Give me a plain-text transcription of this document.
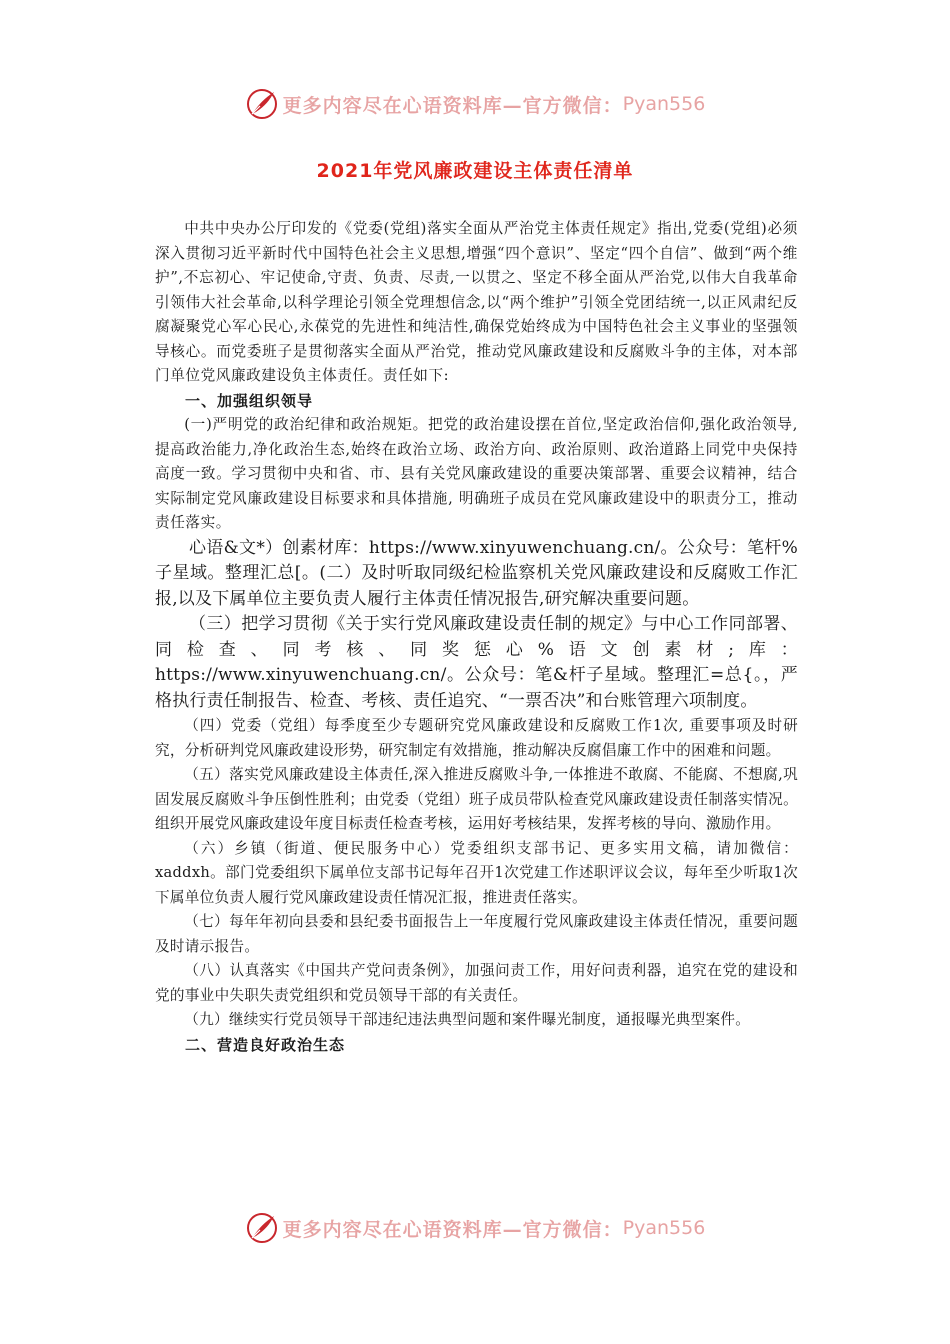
更多内容尽在心语资料库—官方微信： Pyan556
2021年党风廉政建设主体责任清单

中共中央办公厅印发的《党委(党组)落实全面从严治党主体责任规定》指出,党委(党组)必须深入贯彻习近平新时代中国特色社会主义思想,增强“四个意识”、坚定“四个自信”、做到“两个维护”,不忘初心、牢记使命,守责、负责、尽责,一以贯之、坚定不移全面从严治党,以伟大自我革命引领伟大社会革命,以科学理论引领全党理想信念,以“两个维护”引领全党团结统一,以正风肃纪反腐凝聚党心军心民心,永葆党的先进性和纯洁性,确保党始终成为中国特色社会主义事业的坚强领导核心。而党委班子是贯彻落实全面从严治党，推动党风廉政建设和反腐败斗争的主体，对本部门单位党风廉政建设负主体责任。责任如下:

一、加强组织领导

(一)严明党的政治纪律和政治规矩。把党的政治建设摆在首位,坚定政治信仰,强化政治领导,提高政治能力,净化政治生态,始终在政治立场、政治方向、政治原则、政治道路上同党中央保持高度一致。学习贯彻中央和省、市、县有关党风廉政建设的重要决策部署、重要会议精神，结合实际制定党风廉政建设目标要求和具体措施, 明确班子成员在党风廉政建设中的职责分工，推动责任落实。

心语&文*）创素材库：https://www.xinyuwenchuang.cn/。公众号：笔杆%子星域。整理汇总[。(二）及时听取同级纪检监察机关党风廉政建设和反腐败工作汇报,以及下属单位主要负责人履行主体责任情况报告,研究解决重要问题。

（三）把学习贯彻《关于实行党风廉政建设责任制的规定》与中心工作同部署、同检查、同考核、同奖惩心%语文创素材;库：https://www.xinyuwenchuang.cn/。公众号：笔&杆子星域。整理汇=总{。，严格执行责任制报告、检查、考核、责任追究、“一票否决”和台账管理六项制度。

（四）党委（党组）每季度至少专题研究党风廉政建设和反腐败工作1次, 重要事项及时研究，分析研判党风廉政建设形势，研究制定有效措施，推动解决反腐倡廉工作中的困难和问题。

（五）落实党风廉政建设主体责任,深入推进反腐败斗争,一体推进不敢腐、不能腐、不想腐,巩固发展反腐败斗争压倒性胜利；由党委（党组）班子成员带队检查党风廉政建设责任制落实情况。组织开展党风廉政建设年度目标责任检查考核，运用好考核结果，发挥考核的导向、激励作用。

（六）乡镇（街道、便民服务中心）党委组织支部书记、更多实用文稿，请加微信：xaddxh。部门党委组织下属单位支部书记每年召开1次党建工作述职评议会议，每年至少听取1次下属单位负责人履行党风廉政建设责任情况汇报，推进责任落实。

（七）每年年初向县委和县纪委书面报告上一年度履行党风廉政建设主体责任情况，重要问题及时请示报告。

（八）认真落实《中国共产党问责条例》，加强问责工作，用好问责利器，追究在党的建设和党的事业中失职失责党组织和党员领导干部的有关责任。

（九）继续实行党员领导干部违纪违法典型问题和案件曝光制度，通报曝光典型案件。

二、营造良好政治生态

更多内容尽在心语资料库—官方微信： Pyan556
